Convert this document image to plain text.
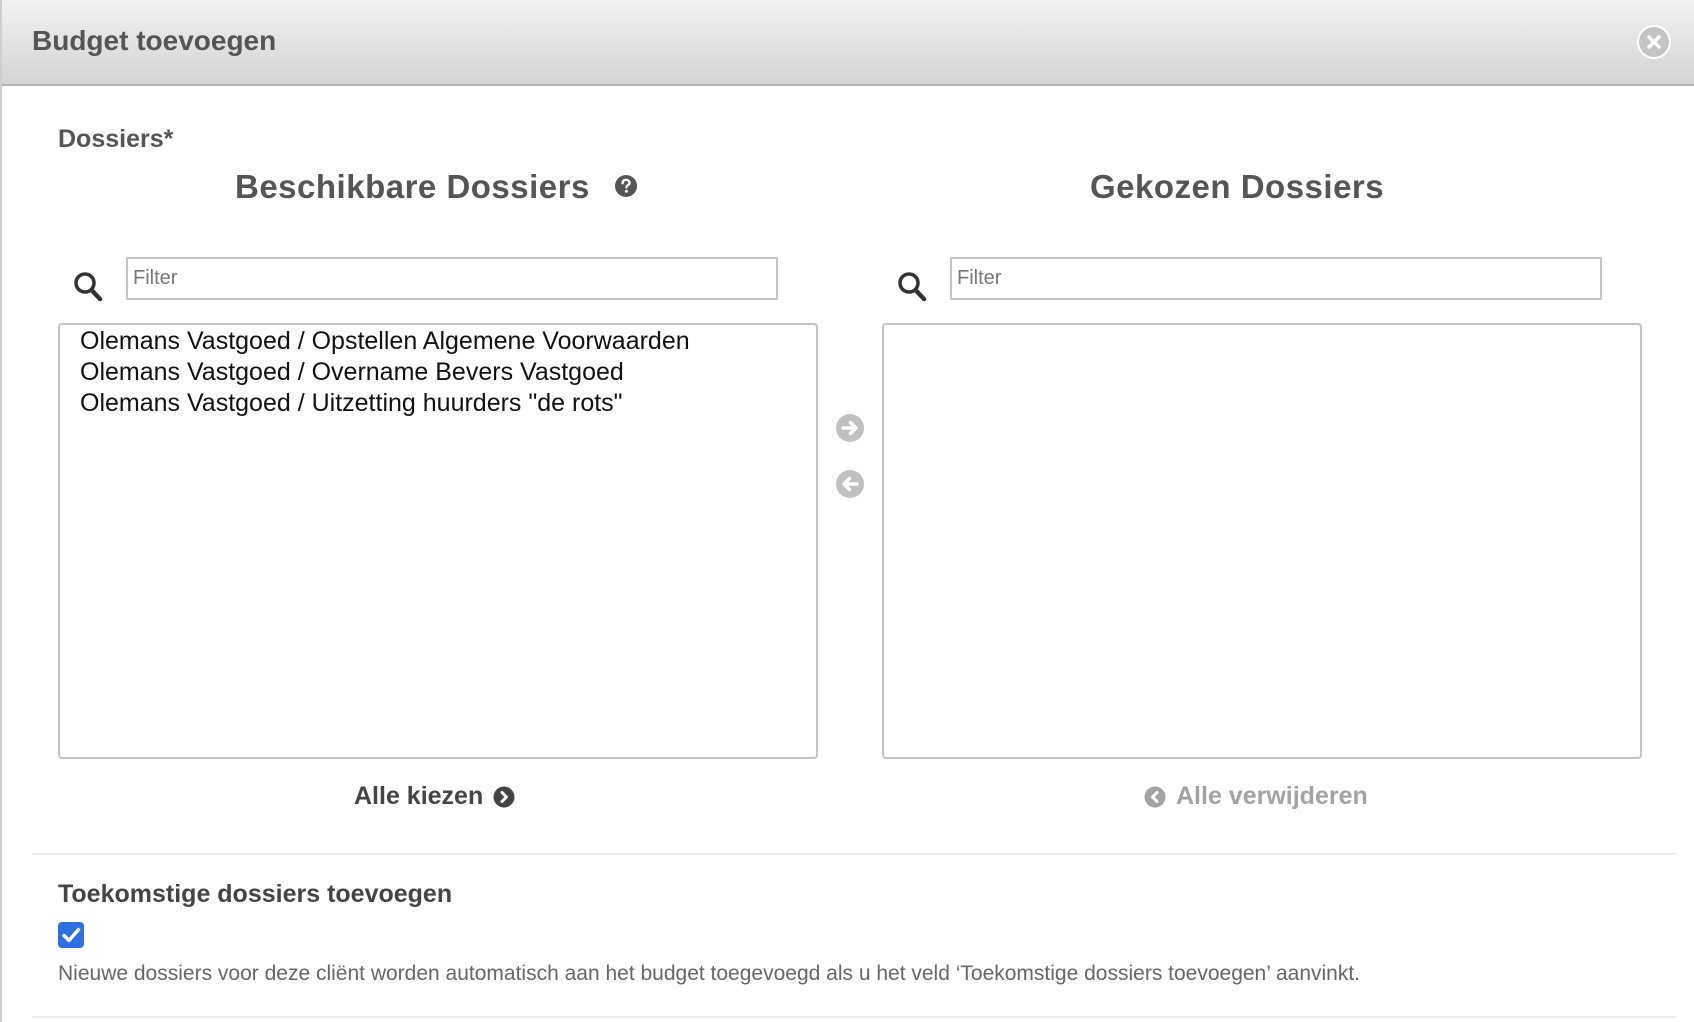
Budget toevoegen
Dossiers*
Beschikbare Dossiers
Filter
Olemans Vastgoed / Opstellen Algemene Voorwaarden
Olemans Vastgoed / Overname Bevers Vastgoed
Olemans Vastgoed / Uitzetting huurders "de rots"
Gekozen Dossiers
Filter
Alle kiezen	Alle verwijderen
Toekomstige dossiers toevoegen
Nieuwe dossiers voor deze cliënt worden automatisch aan het budget toegevoegd als u het veld ‘Toekomstige dossiers toevoegen’ aanvinkt.
